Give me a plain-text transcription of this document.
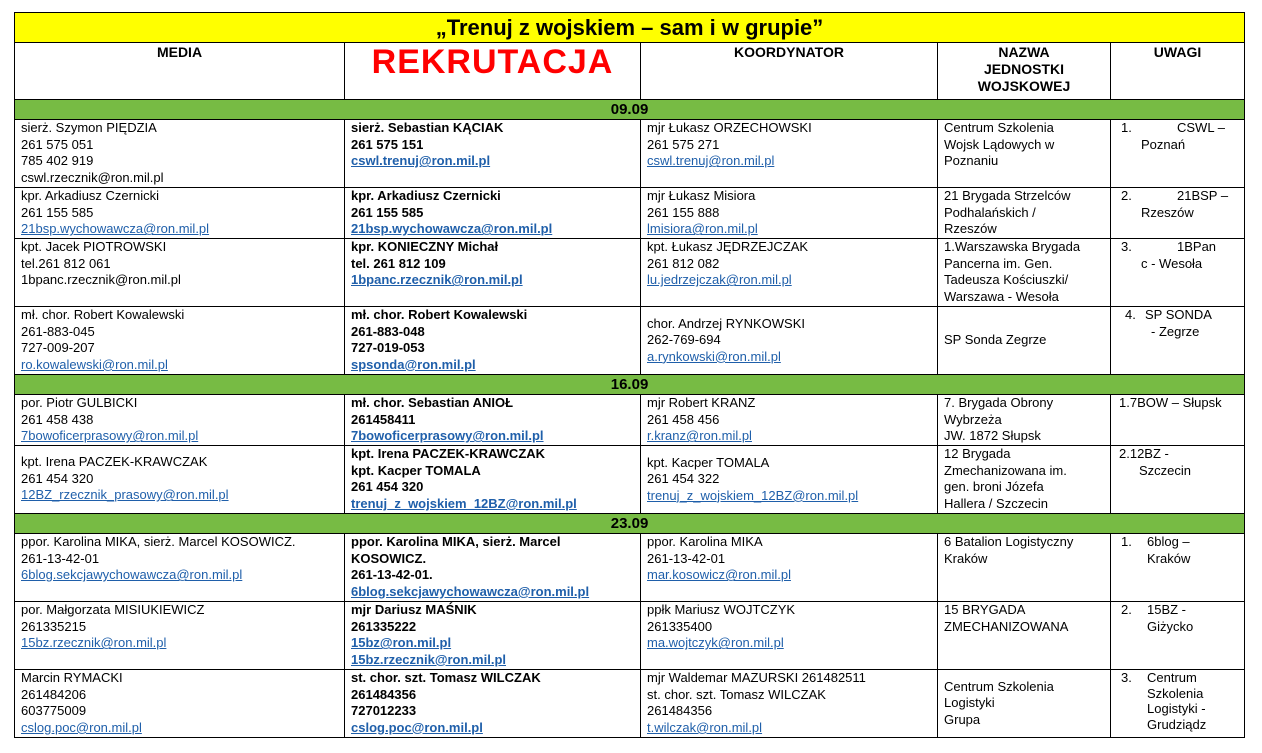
„Trenuj z wojskiem – sam i w grupie”				
MEDIA	REKRUTACJA	KOORDYNATOR	NAZWA
JEDNOSTKI
WOJSKOWEJ	UWAGI
09.09				

sierż. Szymon PIĘDZIA
261 575 051
785 402 919
cswl.rzecznik@ron.mil.pl	sierż. Sebastian KĄCIAK
261 575 151
cswl.trenuj@ron.mil.pl	mjr Łukasz ORZECHOWSKI
261 575 271
cswl.trenuj@ron.mil.pl	Centrum Szkolenia
Wojsk Lądowych w
Poznaniu	1. CSWL –
Poznań

kpr. Arkadiusz Czernicki
261 155 585
21bsp.wychowawcza@ron.mil.pl	kpr. Arkadiusz Czernicki
261 155 585
21bsp.wychowawcza@ron.mil.pl	mjr Łukasz Misiora
261 155 888
lmisiora@ron.mil.pl	21 Brygada Strzelców
Podhalańskich /
Rzeszów	2. 21BSP –
Rzeszów

kpt. Jacek PIOTROWSKI
tel.261 812 061
1bpanc.rzecznik@ron.mil.pl	kpr. KONIECZNY Michał
tel. 261 812 109
1bpanc.rzecznik@ron.mil.pl	kpt. Łukasz JĘDRZEJCZAK
261 812 082
lu.jedrzejczak@ron.mil.pl	1.Warszawska Brygada
Pancerna im. Gen.
Tadeusza Kościuszki/
Warszawa - Wesoła	3. 1BPan
c - Wesoła

mł. chor. Robert Kowalewski
261-883-045
727-009-207
ro.kowalewski@ron.mil.pl	mł. chor. Robert Kowalewski
261-883-048
727-019-053
spsonda@ron.mil.pl	chor. Andrzej RYNKOWSKI
262-769-694
a.rynkowski@ron.mil.pl	SP Sonda Zegrze	4. SP SONDA
- Zegrze

16.09				

por. Piotr GULBICKI
261 458 438
7bowoficerprasowy@ron.mil.pl	mł. chor. Sebastian ANIOŁ
261458411
7bowoficerprasowy@ron.mil.pl	mjr Robert KRANZ
261 458 456
r.kranz@ron.mil.pl	7. Brygada Obrony
Wybrzeża
JW. 1872 Słupsk	1.7BOW – Słupsk

kpt. Irena PACZEK-KRAWCZAK
261 454 320
12BZ_rzecznik_prasowy@ron.mil.pl	kpt. Irena PACZEK-KRAWCZAK
kpt. Kacper TOMALA
261 454 320
trenuj_z_wojskiem_12BZ@ron.mil.pl	kpt. Kacper TOMALA
261 454 322
trenuj_z_wojskiem_12BZ@ron.mil.pl	12 Brygada
Zmechanizowana im.
gen. broni Józefa
Hallera / Szczecin	2.12BZ -
Szczecin

23.09				

ppor. Karolina MIKA, sierż. Marcel KOSOWICZ.
261-13-42-01
6blog.sekcjawychowawcza@ron.mil.pl	ppor. Karolina MIKA, sierż. Marcel
KOSOWICZ.
261-13-42-01.
6blog.sekcjawychowawcza@ron.mil.pl	ppor. Karolina MIKA
261-13-42-01
mar.kosowicz@ron.mil.pl	6 Batalion Logistyczny
Kraków	1. 6blog –
Kraków

por. Małgorzata MISIUKIEWICZ
261335215
15bz.rzecznik@ron.mil.pl	mjr Dariusz MAŚNIK
261335222
15bz@ron.mil.pl
15bz.rzecznik@ron.mil.pl	ppłk Mariusz WOJTCZYK
261335400
ma.wojtczyk@ron.mil.pl	15 BRYGADA
ZMECHANIZOWANA	2. 15BZ -
Giżycko

Marcin RYMACKI
261484206
603775009
cslog.poc@ron.mil.pl	st. chor. szt. Tomasz WILCZAK
261484356
727012233
cslog.poc@ron.mil.pl	mjr Waldemar MAZURSKI 261482511
st. chor. szt. Tomasz WILCZAK
261484356
t.wilczak@ron.mil.pl	Centrum Szkolenia
Logistyki
Grupa	3. Centrum
Szkolenia
Logistyki -
Grudziądz
